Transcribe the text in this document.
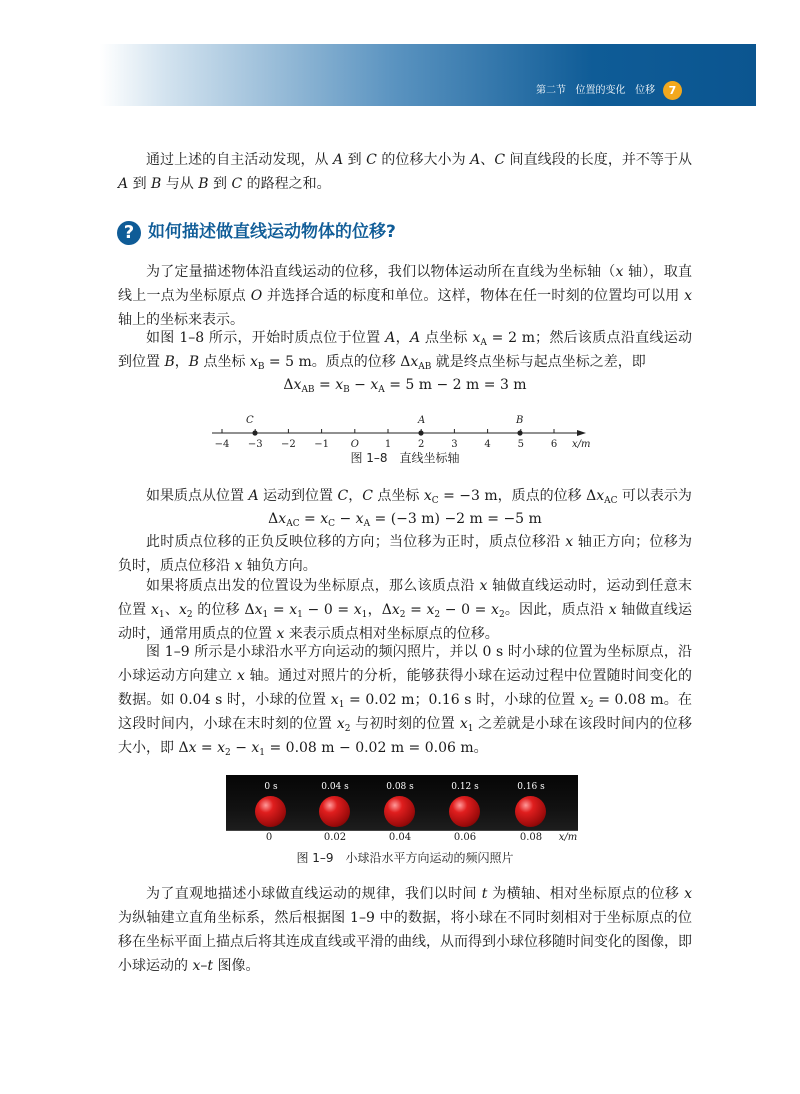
第二节 位置的变化 位移	7

通过上述的自主活动发现，从 A 到 C 的位移大小为 A、C 间直线段的长度，并不等于从 A 到 B 与从 B 到 C 的路程之和。

? 如何描述做直线运动物体的位移?

为了定量描述物体沿直线运动的位移，我们以物体运动所在直线为坐标轴（x 轴），取直线上一点为坐标原点 O 并选择合适的标度和单位。这样，物体在任一时刻的位置均可以用 x 轴上的坐标来表示。

如图 1–8 所示，开始时质点位于位置 A，A 点坐标 $x_A = 2$ m；然后该质点沿直线运动到位置 B，B 点坐标 $x_B = 5$ m。质点的位移 $\Delta x_{AB}$ 就是终点坐标与起点坐标之差，即

$\Delta x_{AB} = x_B - x_A = 5$ m − 2 m = 3 m
−4 −3 −2 −1 O	1	2	3	4	5	6
C	A	B
x/m
图 1–8　直线坐标轴

如果质点从位置 A 运动到位置 C，C 点坐标 $x_C = -3$ m，质点的位移 $\Delta x_{AC}$ 可以表示为

$\Delta x_{AC} = x_C - x_A = (-3$ m) −2 m = −5 m

此时质点位移的正负反映位移的方向；当位移为正时，质点位移沿 x 轴正方向；位移为负时，质点位移沿 x 轴负方向。

如果将质点出发的位置设为坐标原点，那么该质点沿 x 轴做直线运动时，运动到任意末位置 $x_1$、$x_2$ 的位移 $\Delta x_1 = x_1 - 0 = x_1$，$\Delta x_2 = x_2 - 0 = x_2$。因此，质点沿 x 轴做直线运动时，通常用质点的位置 x 来表示质点相对坐标原点的位移。

图 1–9 所示是小球沿水平方向运动的频闪照片，并以 0 s 时小球的位置为坐标原点，沿小球运动方向建立 x 轴。通过对照片的分析，能够获得小球在运动过程中位置随时间变化的数据。如 0.04 s 时，小球的位置 $x_1 = 0.02$ m；0.16 s 时，小球的位置 $x_2 = 0.08$ m。在这段时间内，小球在末时刻的位置 $x_2$ 与初时刻的位置 $x_1$ 之差就是小球在该段时间内的位移大小，即 $\Delta x = x_2 - x_1 = 0.08$ m − 0.02 m = 0.06 m。

0 s	0.04 s	0.08 s	0.12 s	0.16 s
0	0.02	0.04	0.06	0.08	x/m
图 1–9　小球沿水平方向运动的频闪照片

为了直观地描述小球做直线运动的规律，我们以时间 t 为横轴、相对坐标原点的位移 x 为纵轴建立直角坐标系，然后根据图 1–9 中的数据，将小球在不同时刻相对于坐标原点的位移在坐标平面上描点后将其连成直线或平滑的曲线，从而得到小球位移随时间变化的图像，即小球运动的 x–t 图像。
